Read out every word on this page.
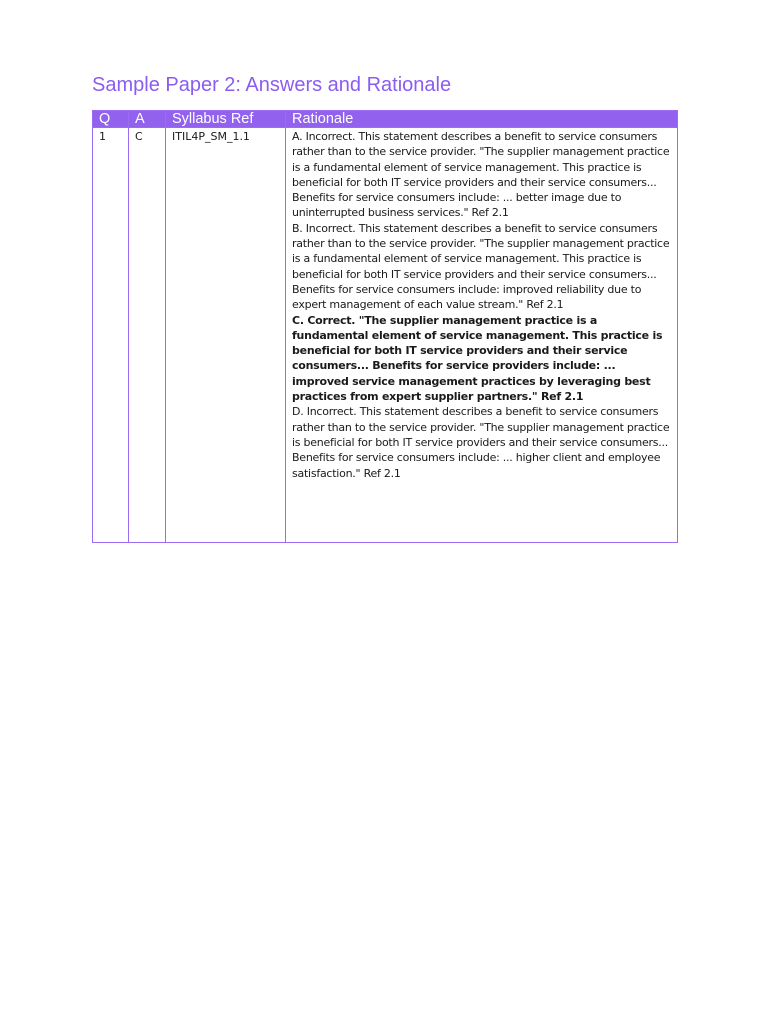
Sample Paper 2: Answers and Rationale
Q	A	Syllabus Ref	Rationale
1	C	ITIL4P_SM_1.1	A. Incorrect. This statement describes a benefit to service consumers rather than to the service provider. "The supplier management practice is a fundamental element of service management. This practice is beneficial for both IT service providers and their service consumers... Benefits for service consumers include: ... better image due to uninterrupted business services." Ref 2.1
B. Incorrect. This statement describes a benefit to service consumers rather than to the service provider. "The supplier management practice is a fundamental element of service management. This practice is beneficial for both IT service providers and their service consumers... Benefits for service consumers include: improved reliability due to expert management of each value stream." Ref 2.1
C. Correct. "The supplier management practice is a fundamental element of service management. This practice is beneficial for both IT service providers and their service consumers... Benefits for service providers include: ... improved service management practices by leveraging best practices from expert supplier partners." Ref 2.1
D. Incorrect. This statement describes a benefit to service consumers rather than to the service provider. "The supplier management practice is beneficial for both IT service providers and their service consumers... Benefits for service consumers include: ... higher client and employee satisfaction." Ref 2.1
